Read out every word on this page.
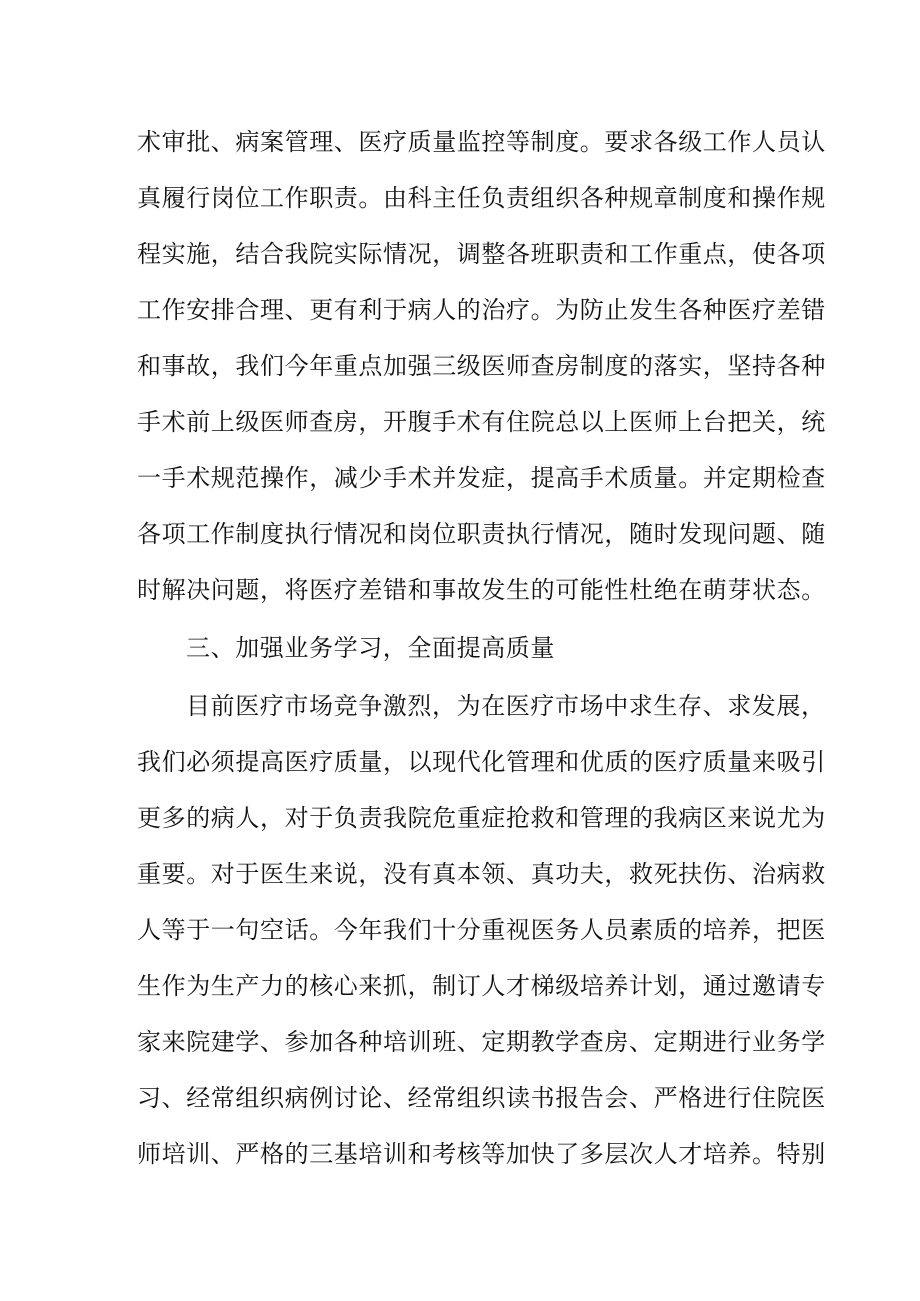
术审批、病案管理、医疗质量监控等制度。要求各级工作人员认
真履行岗位工作职责。由科主任负责组织各种规章制度和操作规
程实施，结合我院实际情况，调整各班职责和工作重点，使各项
工作安排合理、更有利于病人的治疗。为防止发生各种医疗差错
和事故，我们今年重点加强三级医师查房制度的落实，坚持各种
手术前上级医师查房，开腹手术有住院总以上医师上台把关，统
一手术规范操作，减少手术并发症，提高手术质量。并定期检查
各项工作制度执行情况和岗位职责执行情况，随时发现问题、随
时解决问题，将医疗差错和事故发生的可能性杜绝在萌芽状态。
三、加强业务学习，全面提高质量
目前医疗市场竞争激烈，为在医疗市场中求生存、求发展，
我们必须提高医疗质量，以现代化管理和优质的医疗质量来吸引
更多的病人，对于负责我院危重症抢救和管理的我病区来说尤为
重要。对于医生来说，没有真本领、真功夫，救死扶伤、治病救
人等于一句空话。今年我们十分重视医务人员素质的培养，把医
生作为生产力的核心来抓，制订人才梯级培养计划，通过邀请专
家来院建学、参加各种培训班、定期教学查房、定期进行业务学
习、经常组织病例讨论、经常组织读书报告会、严格进行住院医
师培训、严格的三基培训和考核等加快了多层次人才培养。特别
